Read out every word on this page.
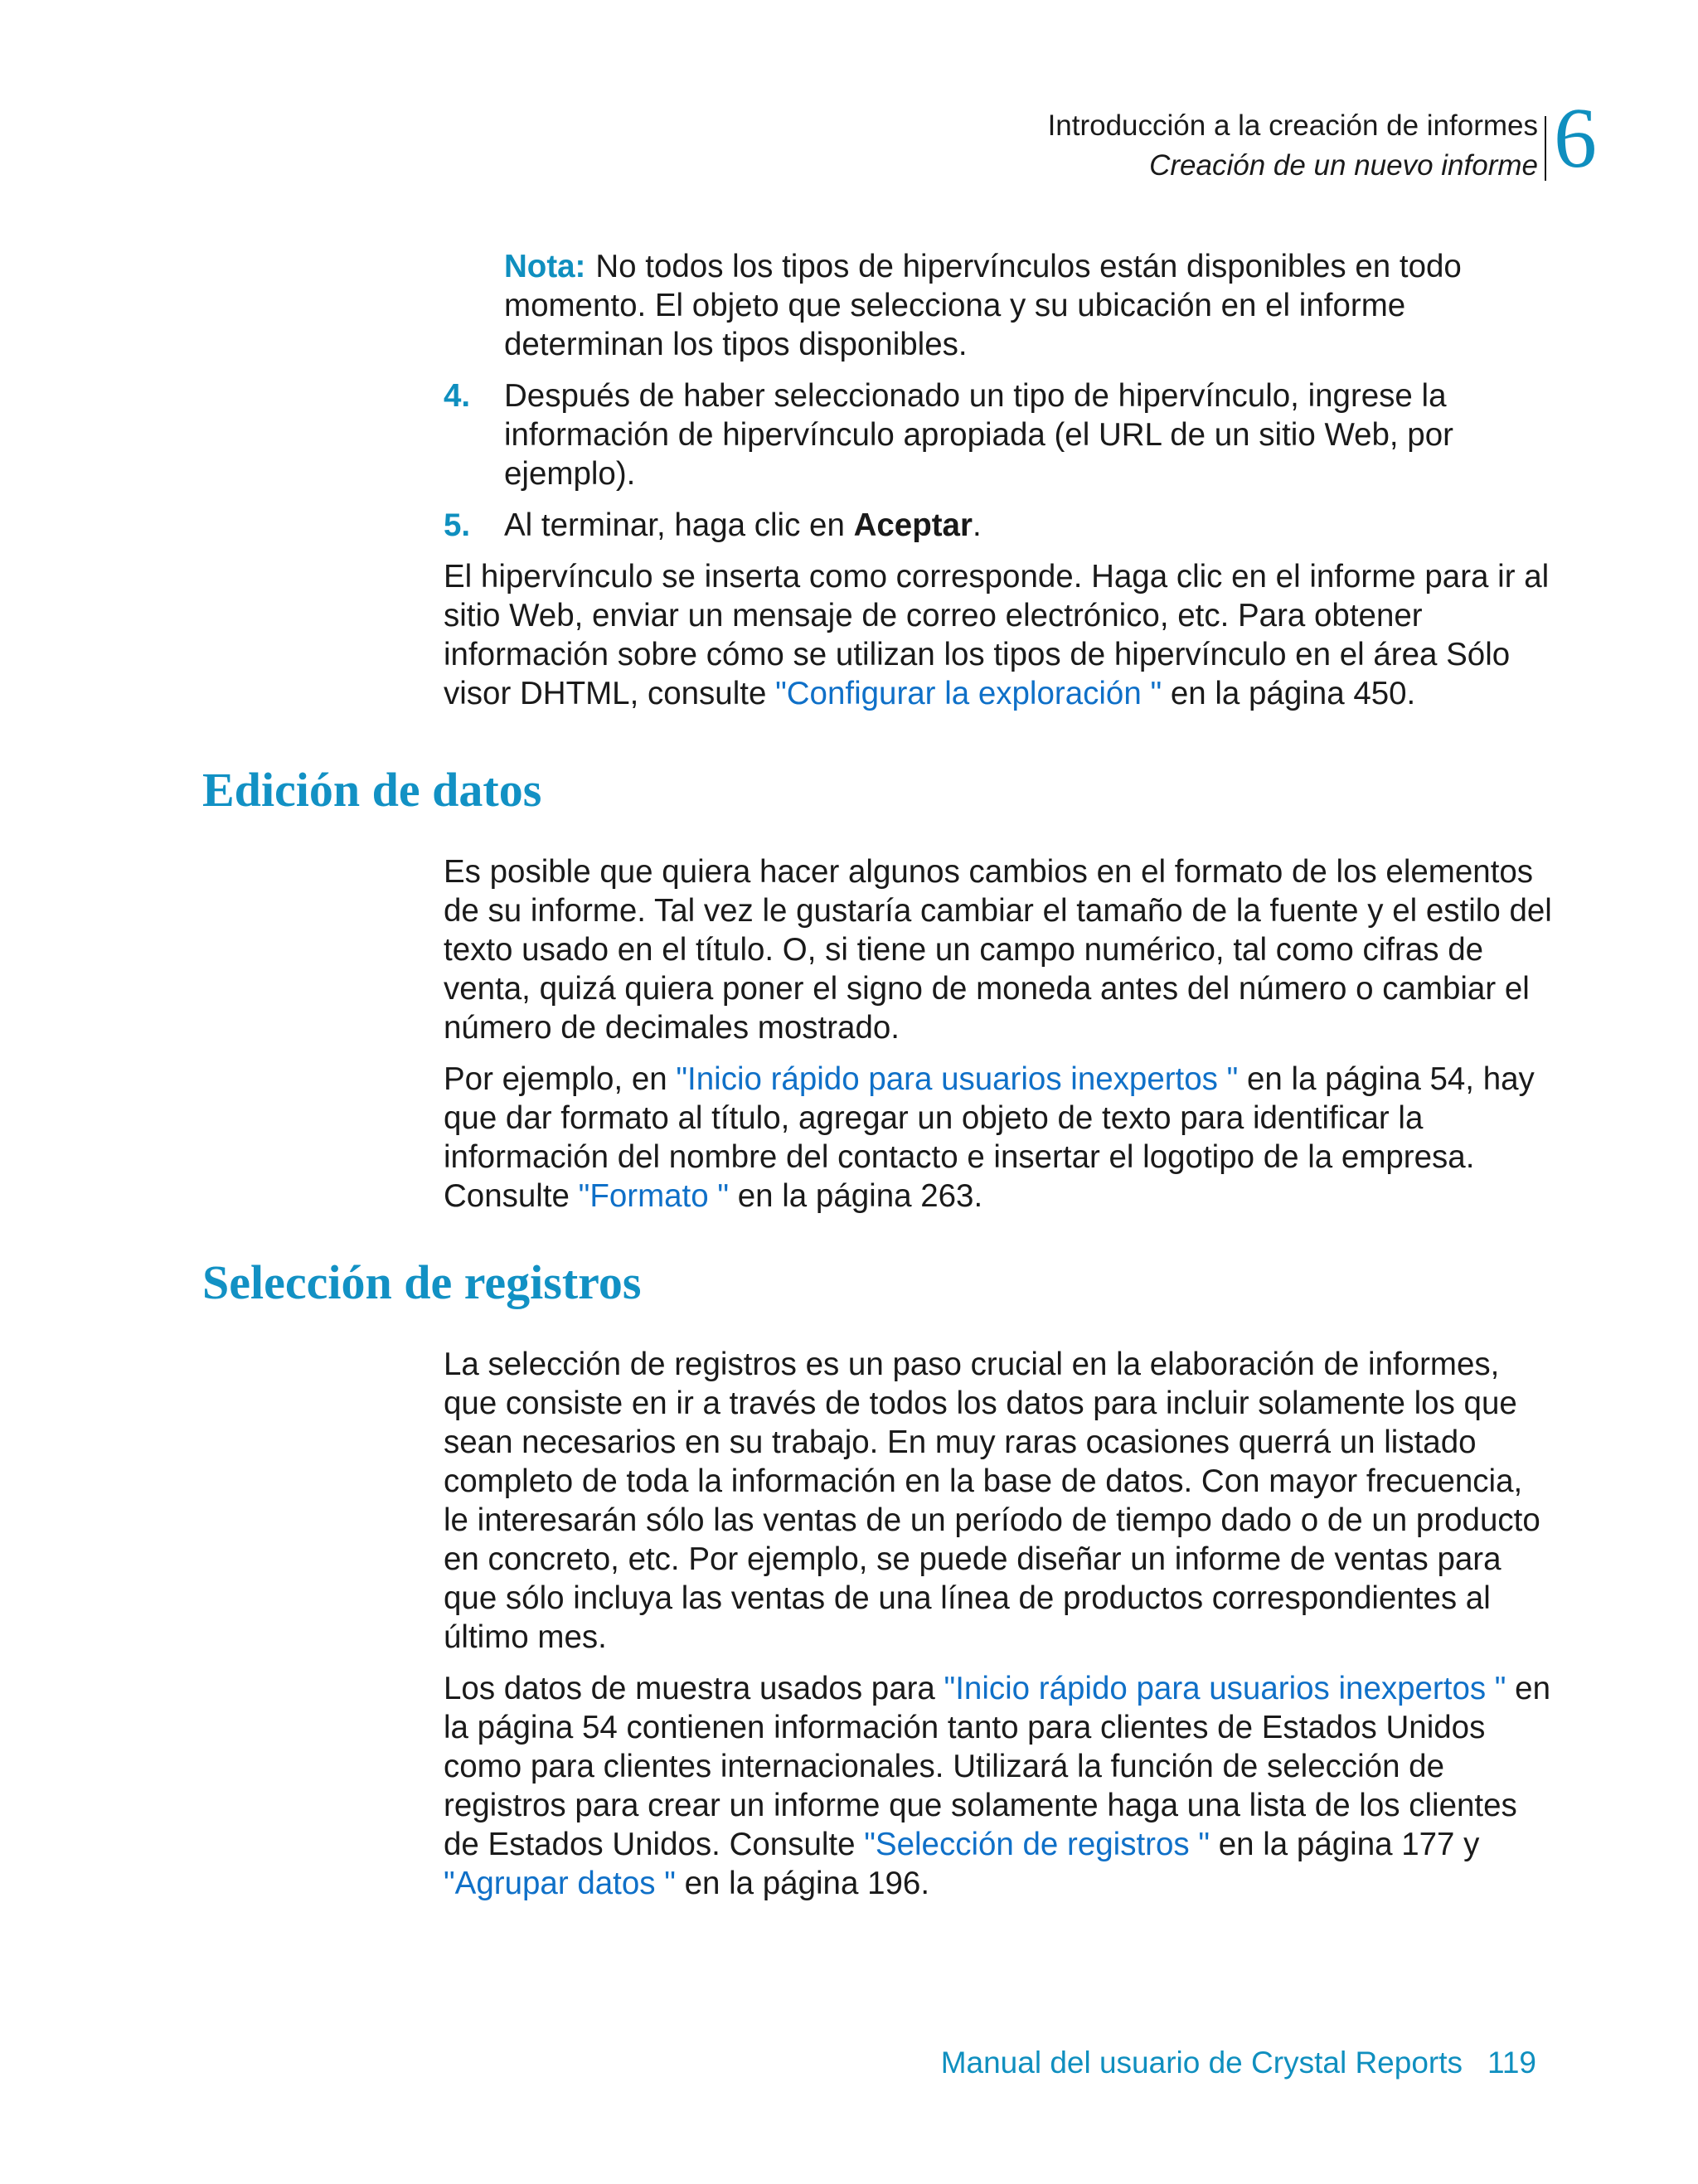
Introducción a la creación de informes
Creación de un nuevo informe 6

Nota: No todos los tipos de hipervínculos están disponibles en todo momento. El objeto que selecciona y su ubicación en el informe determinan los tipos disponibles.

4.	Después de haber seleccionado un tipo de hipervínculo, ingrese la información de hipervínculo apropiada (el URL de un sitio Web, por ejemplo).
5.	Al terminar, haga clic en Aceptar.

El hipervínculo se inserta como corresponde. Haga clic en el informe para ir al sitio Web, enviar un mensaje de correo electrónico, etc. Para obtener información sobre cómo se utilizan los tipos de hipervínculo en el área Sólo visor DHTML, consulte "Configurar la exploración " en la página 450.

Edición de datos

Es posible que quiera hacer algunos cambios en el formato de los elementos de su informe. Tal vez le gustaría cambiar el tamaño de la fuente y el estilo del texto usado en el título. O, si tiene un campo numérico, tal como cifras de venta, quizá quiera poner el signo de moneda antes del número o cambiar el número de decimales mostrado.

Por ejemplo, en "Inicio rápido para usuarios inexpertos " en la página 54, hay que dar formato al título, agregar un objeto de texto para identificar la información del nombre del contacto e insertar el logotipo de la empresa. Consulte "Formato " en la página 263.

Selección de registros

La selección de registros es un paso crucial en la elaboración de informes, que consiste en ir a través de todos los datos para incluir solamente los que sean necesarios en su trabajo. En muy raras ocasiones querrá un listado completo de toda la información en la base de datos. Con mayor frecuencia, le interesarán sólo las ventas de un período de tiempo dado o de un producto en concreto, etc. Por ejemplo, se puede diseñar un informe de ventas para que sólo incluya las ventas de una línea de productos correspondientes al último mes.

Los datos de muestra usados para "Inicio rápido para usuarios inexpertos " en la página 54 contienen información tanto para clientes de Estados Unidos como para clientes internacionales. Utilizará la función de selección de registros para crear un informe que solamente haga una lista de los clientes de Estados Unidos. Consulte "Selección de registros " en la página 177 y "Agrupar datos " en la página 196.

Manual del usuario de Crystal Reports 119
